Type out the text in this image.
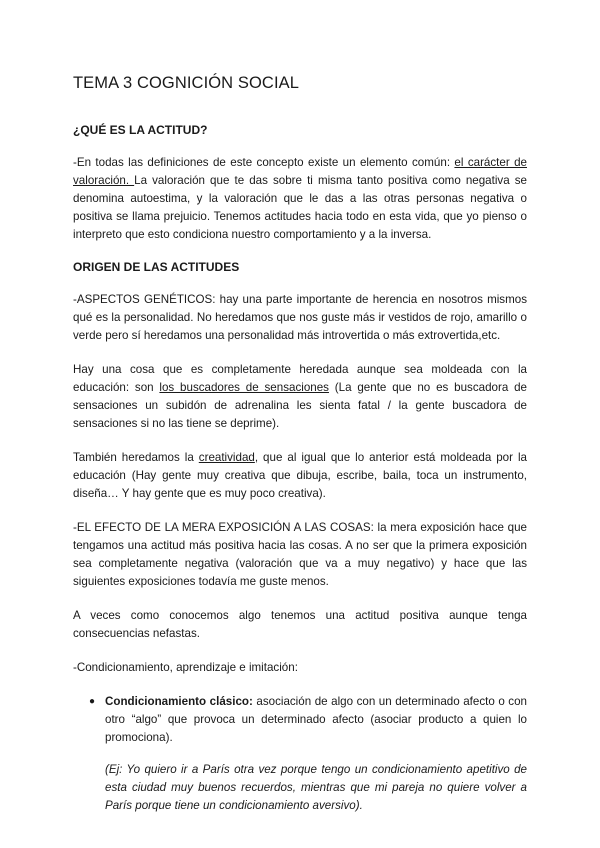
TEMA 3 COGNICIÓN SOCIAL
¿QUÉ ES LA ACTITUD?

-En todas las definiciones de este concepto existe un elemento común: el carácter de valoración. La valoración que te das sobre ti misma tanto positiva como negativa se denomina autoestima, y la valoración que le das a las otras personas negativa o positiva se llama prejuicio. Tenemos actitudes hacia todo en esta vida, que yo pienso o interpreto que esto condiciona nuestro comportamiento y a la inversa.

ORIGEN DE LAS ACTITUDES

-ASPECTOS GENÉTICOS: hay una parte importante de herencia en nosotros mismos qué es la personalidad. No heredamos que nos guste más ir vestidos de rojo, amarillo o verde pero sí heredamos una personalidad más introvertida o más extrovertida,etc.

Hay una cosa que es completamente heredada aunque sea moldeada con la educación: son los buscadores de sensaciones (La gente que no es buscadora de sensaciones un subidón de adrenalina les sienta fatal / la gente buscadora de sensaciones si no las tiene se deprime).

También heredamos la creatividad, que al igual que lo anterior está moldeada por la educación (Hay gente muy creativa que dibuja, escribe, baila, toca un instrumento, diseña… Y hay gente que es muy poco creativa).

-EL EFECTO DE LA MERA EXPOSICIÓN A LAS COSAS: la mera exposición hace que tengamos una actitud más positiva hacia las cosas. A no ser que la primera exposición sea completamente negativa (valoración que va a muy negativo) y hace que las siguientes exposiciones todavía me guste menos.

A veces como conocemos algo tenemos una actitud positiva aunque tenga consecuencias nefastas.

-Condicionamiento, aprendizaje e imitación:

● Condicionamiento clásico: asociación de algo con un determinado afecto o con otro “algo” que provoca un determinado afecto (asociar producto a quien lo promociona).
(Ej: Yo quiero ir a París otra vez porque tengo un condicionamiento apetitivo de esta ciudad muy buenos recuerdos, mientras que mi pareja no quiere volver a París porque tiene un condicionamiento aversivo).
